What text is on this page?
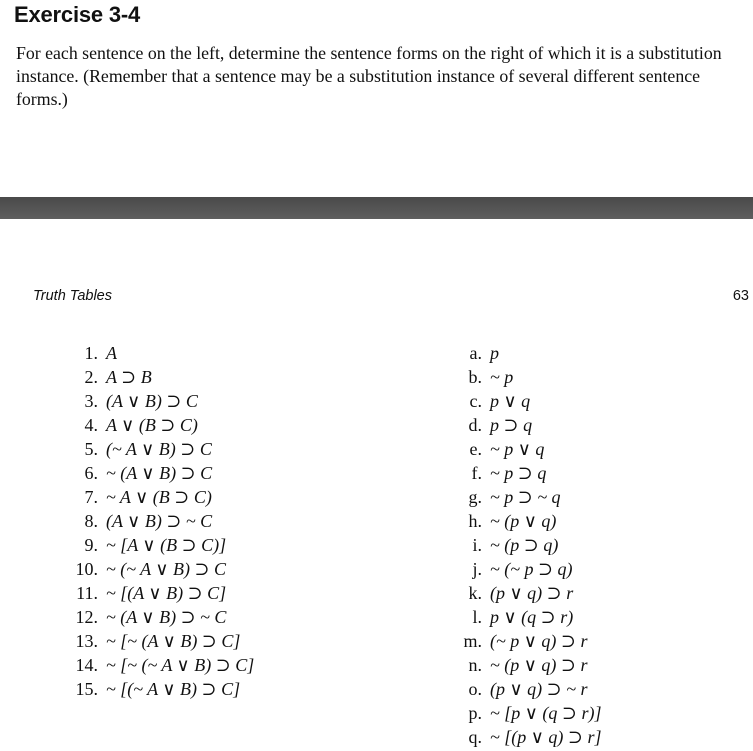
Exercise 3-4

For each sentence on the left, determine the sentence forms on the right of which it is a substitution instance. (Remember that a sentence may be a substitution instance of several different sentence forms.)

Truth Tables	63
1. A
2. A ⊃ B
3. (A ∨ B) ⊃ C
4. A ∨ (B ⊃ C)
5. (~ A ∨ B) ⊃ C
6. ~ (A ∨ B) ⊃ C
7. ~ A ∨ (B ⊃ C)
8. (A ∨ B) ⊃ ~ C
9. ~ [A ∨ (B ⊃ C)]
10. ~ (~ A ∨ B) ⊃ C
11. ~ [(A ∨ B) ⊃ C]
12. ~ (A ∨ B) ⊃ ~ C
13. ~ [~ (A ∨ B) ⊃ C]
14. ~ [~ (~ A ∨ B) ⊃ C]
15. ~ [(~ A ∨ B) ⊃ C]
a. p
b. ~ p
c. p ∨ q
d. p ⊃ q
e. ~ p ∨ q
f. ~ p ⊃ q
g. ~ p ⊃ ~ q
h. ~ (p ∨ q)
i. ~ (p ⊃ q)
j. ~ (~ p ⊃ q)
k. (p ∨ q) ⊃ r
l. p ∨ (q ⊃ r)
m. (~ p ∨ q) ⊃ r
n. ~ (p ∨ q) ⊃ r
o. (p ∨ q) ⊃ ~ r
p. ~ [p ∨ (q ⊃ r)]
q. ~ [(p ∨ q) ⊃ r]
